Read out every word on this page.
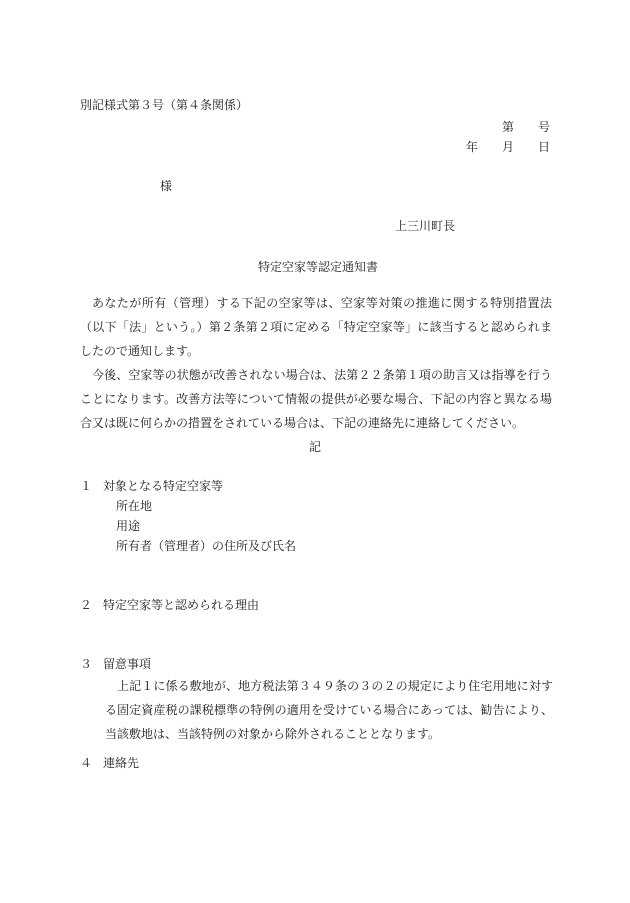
別記様式第３号（第４条関係）
第　　号
年　　月　　日
様
上三川町長
特定空家等認定通知書

あなたが所有（管理）する下記の空家等は、空家等対策の推進に関する特別措置法（以下「法」という。）第２条第２項に定める「特定空家等」に該当すると認められましたので通知します。

今後、空家等の状態が改善されない場合は、法第２２条第１項の助言又は指導を行うことになります。改善方法等について情報の提供が必要な場合、下記の内容と異なる場合又は既に何らかの措置をされている場合は、下記の連絡先に連絡してください。

記
１ 対象となる特定空家等
所在地
用途
所有者（管理者）の住所及び氏名
２ 特定空家等と認められる理由
３ 留意事項

上記１に係る敷地が、地方税法第３４９条の３の２の規定により住宅用地に対する固定資産税の課税標準の特例の適用を受けている場合にあっては、勧告により、当該敷地は、当該特例の対象から除外されることとなります。

４ 連絡先
